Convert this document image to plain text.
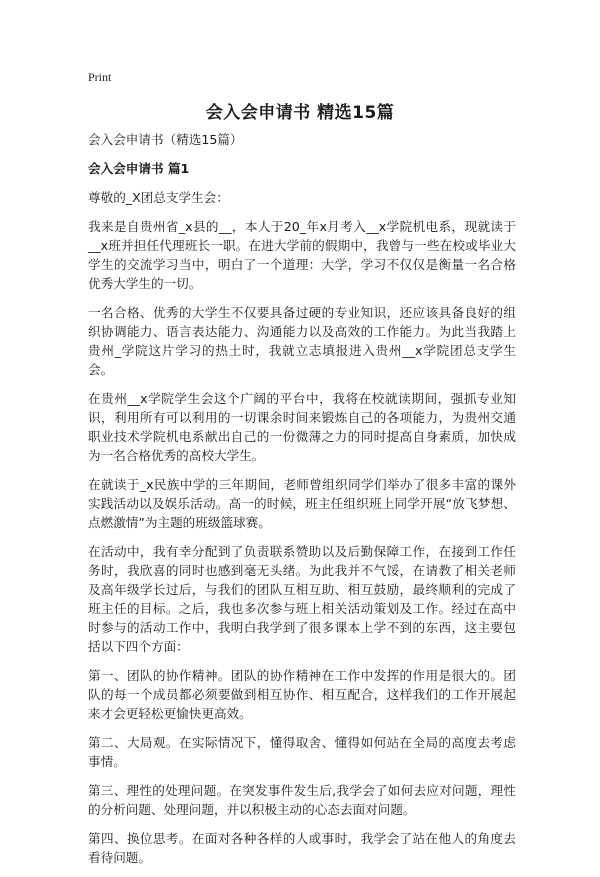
Print
会入会申请书 精选15篇

会入会申请书（精选15篇）

会入会申请书 篇1

尊敬的_X团总支学生会：

我来是自贵州省_x县的__，本人于20_年x月考入__x学院机电系，现就读于__x班并担任代理班长一职。在进大学前的假期中，我曾与一些在校或毕业大学生的交流学习当中，明白了一个道理：大学，学习不仅仅是衡量一名合格优秀大学生的一切。

一名合格、优秀的大学生不仅要具备过硬的专业知识，还应该具备良好的组织协调能力、语言表达能力、沟通能力以及高效的工作能力。为此当我踏上贵州_学院这片学习的热土时，我就立志填报进入贵州__x学院团总支学生会。

在贵州__x学院学生会这个广阔的平台中，我将在校就读期间，强抓专业知识，利用所有可以利用的一切课余时间来锻炼自己的各项能力，为贵州交通职业技术学院机电系献出自己的一份微薄之力的同时提高自身素质，加快成为一名合格优秀的高校大学生。

在就读于_x民族中学的三年期间，老师曾组织同学们举办了很多丰富的课外实践活动以及娱乐活动。高一的时候，班主任组织班上同学开展“放飞梦想、点燃激情”为主题的班级篮球赛。

在活动中，我有幸分配到了负责联系赞助以及后勤保障工作，在接到工作任务时，我欣喜的同时也感到毫无头绪。为此我并不气馁，在请教了相关老师及高年级学长过后，与我们的团队互相互助、相互鼓励，最终顺利的完成了班主任的目标。之后，我也多次参与班上相关活动策划及工作。经过在高中时参与的活动工作中，我明白我学到了很多课本上学不到的东西，这主要包括以下四个方面：

第一、团队的协作精神。团队的协作精神在工作中发挥的作用是很大的。团队的每一个成员都必须要做到相互协作、相互配合，这样我们的工作开展起来才会更轻松更愉快更高效。

第二、大局观。在实际情况下，懂得取舍、懂得如何站在全局的高度去考虑事情。

第三、理性的处理问题。在突发事件发生后,我学会了如何去应对问题，理性的分析问题、处理问题，并以积极主动的心态去面对问题。

第四、换位思考。在面对各种各样的人或事时，我学会了站在他人的角度去看待问题。
